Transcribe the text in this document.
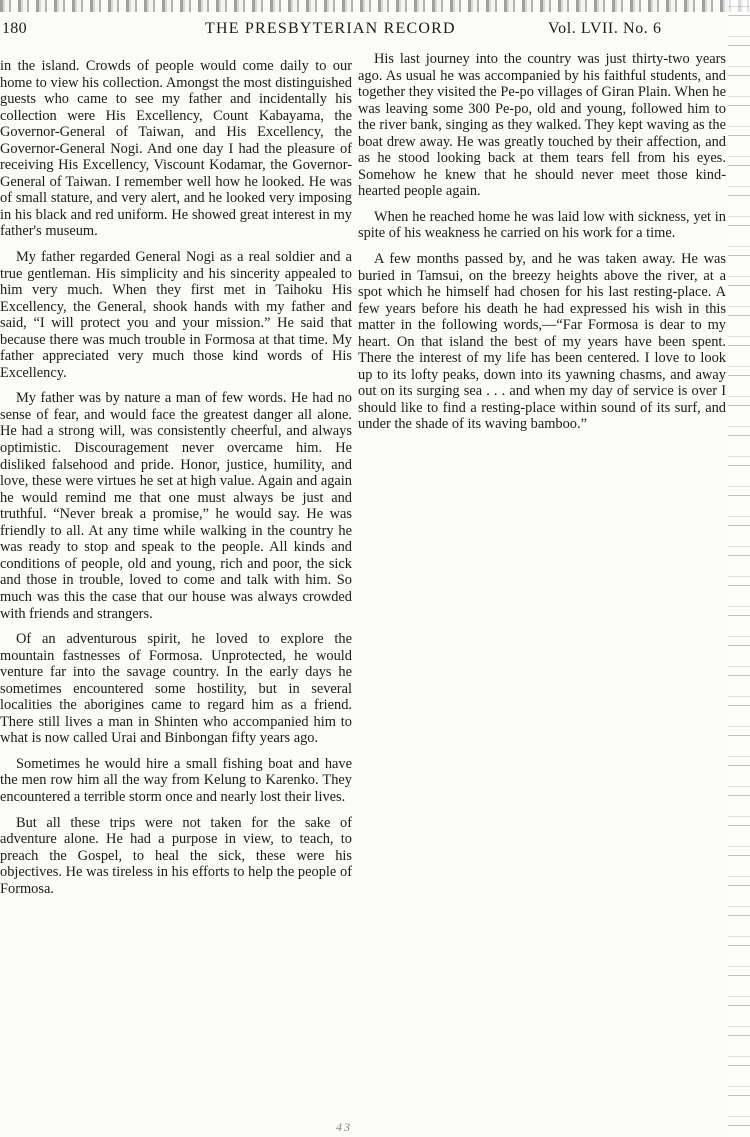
180	THE PRESBYTERIAN RECORD	Vol. LVII. No. 6

in the island. Crowds of people would come daily to our home to view his collection. Amongst the most distinguished guests who came to see my father and incidentally his collection were His Excellency, Count Kabayama, the Governor-General of Taiwan, and His Excellency, the Governor-General Nogi. And one day I had the pleasure of receiving His Excellency, Viscount Kodamar, the Governor-General of Taiwan. I remember well how he looked. He was of small stature, and very alert, and he looked very imposing in his black and red uniform. He showed great interest in my father's museum.

My father regarded General Nogi as a real soldier and a true gentleman. His simplicity and his sincerity appealed to him very much. When they first met in Taihoku His Excellency, the General, shook hands with my father and said, “I will protect you and your mission.” He said that because there was much trouble in Formosa at that time. My father appreciated very much those kind words of His Excellency.

My father was by nature a man of few words. He had no sense of fear, and would face the greatest danger all alone. He had a strong will, was consistently cheerful, and always optimistic. Discouragement never overcame him. He disliked falsehood and pride. Honor, justice, humility, and love, these were virtues he set at high value. Again and again he would remind me that one must always be just and truthful. “Never break a promise,” he would say. He was friendly to all. At any time while walking in the country he was ready to stop and speak to the people. All kinds and conditions of people, old and young, rich and poor, the sick and those in trouble, loved to come and talk with him. So much was this the case that our house was always crowded with friends and strangers.

Of an adventurous spirit, he loved to explore the mountain fastnesses of Formosa. Unprotected, he would venture far into the savage country. In the early days he sometimes encountered some hostility, but in several localities the aborigines came to regard him as a friend. There still lives a man in Shinten who accompanied him to what is now called Urai and Binbongan fifty years ago.

Sometimes he would hire a small fishing boat and have the men row him all the way from Kelung to Karenko. They encountered a terrible storm once and nearly lost their lives.

But all these trips were not taken for the sake of adventure alone. He had a purpose in view, to teach, to preach the Gospel, to heal the sick, these were his objectives. He was tireless in his efforts to help the people of Formosa.

His last journey into the country was just thirty-two years ago. As usual he was accompanied by his faithful students, and together they visited the Pe-po villages of Giran Plain. When he was leaving some 300 Pe-po, old and young, followed him to the river bank, singing as they walked. They kept waving as the boat drew away. He was greatly touched by their affection, and as he stood looking back at them tears fell from his eyes. Somehow he knew that he should never meet those kind-hearted people again.

When he reached home he was laid low with sickness, yet in spite of his weakness he carried on his work for a time.

A few months passed by, and he was taken away. He was buried in Tamsui, on the breezy heights above the river, at a spot which he himself had chosen for his last resting-place. A few years before his death he had expressed his wish in this matter in the following words,—“Far Formosa is dear to my heart. On that island the best of my years have been spent. There the interest of my life has been centered. I love to look up to its lofty peaks, down into its yawning chasms, and away out on its surging sea . . . and when my day of service is over I should like to find a resting-place within sound of its surf, and under the shade of its waving bamboo.”

43
